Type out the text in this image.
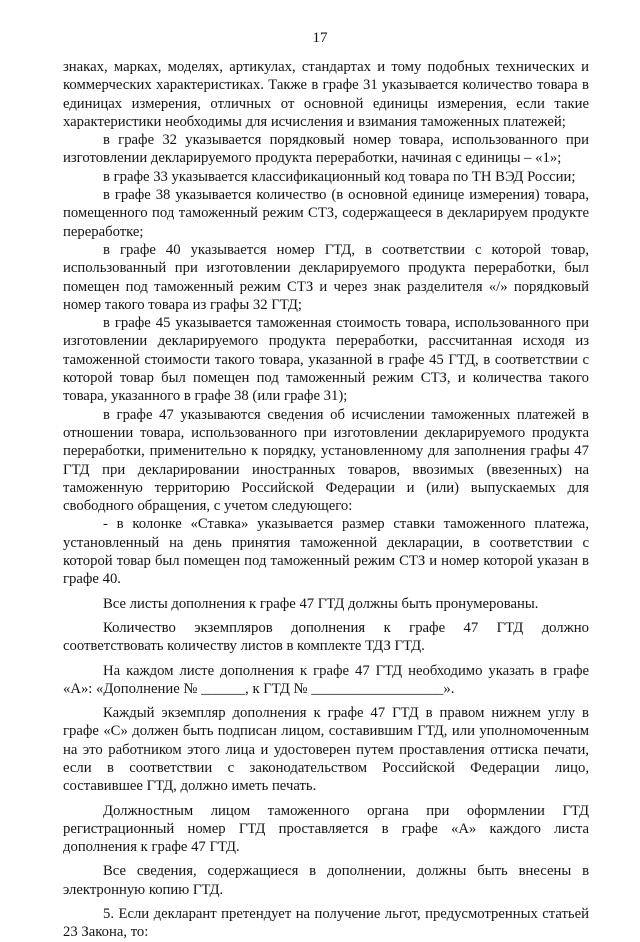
17

знаках, марках, моделях, артикулах, стандартах и тому подобных технических и коммерческих характеристиках. Также в графе 31 указывается количество товара в единицах измерения, отличных от основной единицы измерения, если такие характеристики необходимы для исчисления и взимания таможенных платежей;

в графе 32 указывается порядковый номер товара, использованного при изготовлении декларируемого продукта переработки, начиная с единицы – «1»;

в графе 33 указывается классификационный код товара по ТН ВЭД России;

в графе 38 указывается количество (в основной единице измерения) товара, помещенного под таможенный режим СТЗ, содержащееся в декларируем продукте переработке;

в графе 40 указывается номер ГТД, в соответствии с которой товар, использованный при изготовлении декларируемого продукта переработки, был помещен под таможенный режим СТЗ и через знак разделителя «/» порядковый номер такого товара из графы 32 ГТД;

в графе 45 указывается таможенная стоимость товара, использованного при изготовлении декларируемого продукта переработки, рассчитанная исходя из таможенной стоимости такого товара, указанной в графе 45 ГТД, в соответствии с которой товар был помещен под таможенный режим СТЗ, и количества такого товара, указанного в графе 38 (или графе 31);

в графе 47 указываются сведения об исчислении таможенных платежей в отношении товара, использованного при изготовлении декларируемого продукта переработки, применительно к порядку, установленному для заполнения графы 47 ГТД при декларировании иностранных товаров, ввозимых (ввезенных) на таможенную территорию Российской Федерации и (или) выпускаемых для свободного обращения, с учетом следующего:

- в колонке «Ставка» указывается размер ставки таможенного платежа, установленный на день принятия таможенной декларации, в соответствии с которой товар был помещен под таможенный режим СТЗ и номер которой указан в графе 40.

Все листы дополнения к графе 47 ГТД должны быть пронумерованы.

Количество экземпляров дополнения к графе 47 ГТД должно соответствовать количеству листов в комплекте ТДЗ ГТД.

На каждом листе дополнения к графе 47 ГТД необходимо указать в графе «А»: «Дополнение № ______, к ГТД № __________________».

Каждый экземпляр дополнения к графе 47 ГТД в правом нижнем углу в графе «С» должен быть подписан лицом, составившим ГТД, или уполномоченным на это работником этого лица и удостоверен путем проставления оттиска печати, если в соответствии с законодательством Российской Федерации лицо, составившее ГТД, должно иметь печать.

Должностным лицом таможенного органа при оформлении ГТД регистрационный номер ГТД проставляется в графе «А» каждого листа дополнения к графе 47 ГТД.

Все сведения, содержащиеся в дополнении, должны быть внесены в электронную копию ГТД.

5. Если декларант претендует на получение льгот, предусмотренных статьей 23 Закона, то:
